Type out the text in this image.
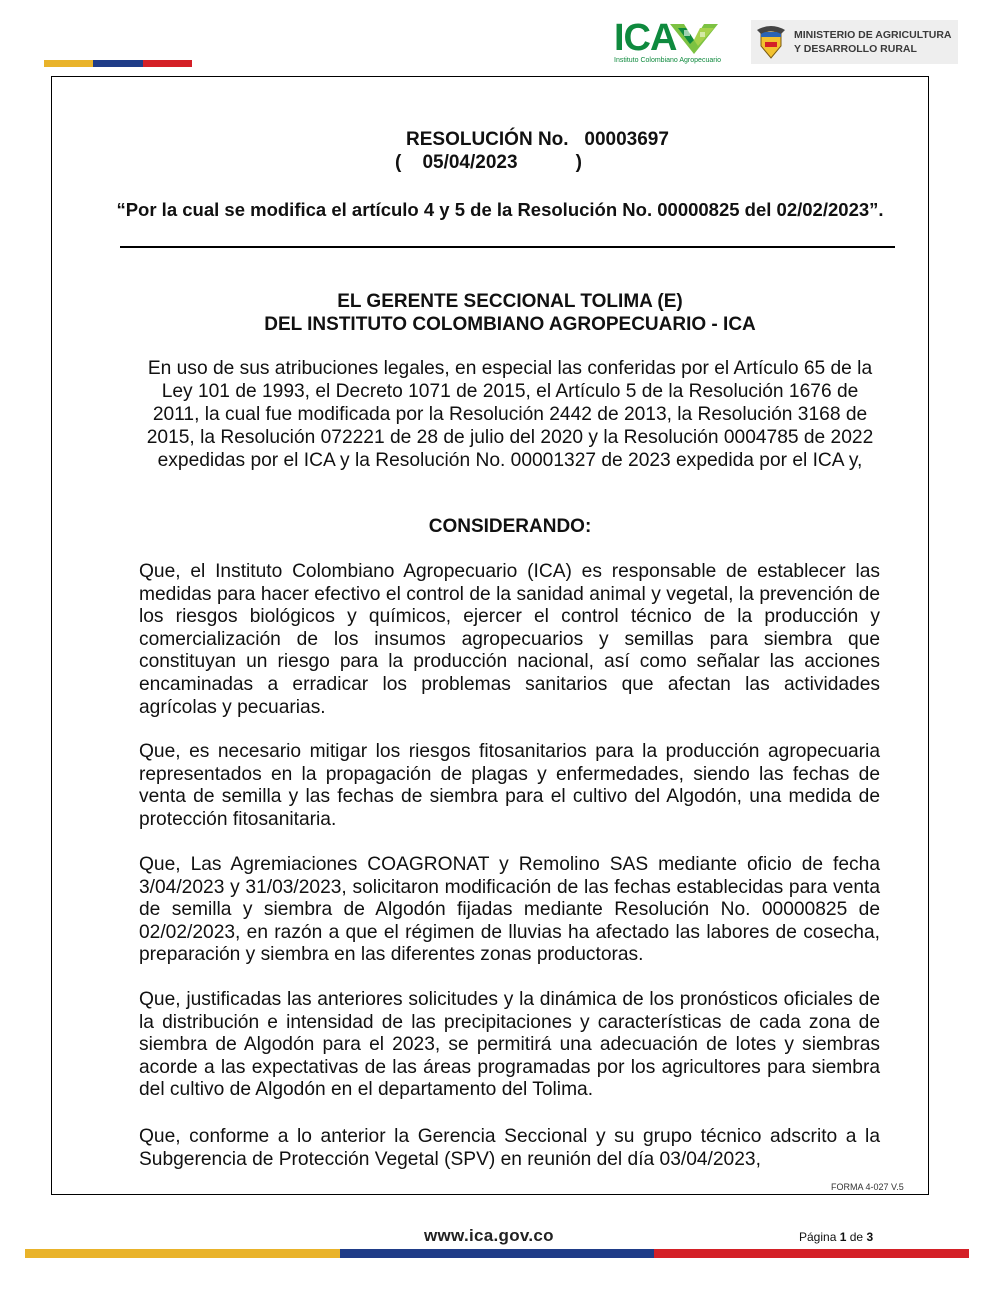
ICA
Instituto Colombiano Agropecuario
MINISTERIO DE AGRICULTURA
Y DESARROLLO RURAL
RESOLUCIÓN No.   00003697
(    05/04/2023           )
“Por la cual se modifica el artículo 4 y 5 de la Resolución No. 00000825 del 02/02/2023”.
EL GERENTE SECCIONAL TOLIMA (E)
DEL INSTITUTO COLOMBIANO AGROPECUARIO - ICA
En uso de sus atribuciones legales, en especial las conferidas por el Artículo 65 de la Ley 101 de 1993, el Decreto 1071 de 2015, el Artículo 5 de la Resolución 1676 de 2011, la cual fue modificada por la Resolución 2442 de 2013, la Resolución 3168 de 2015, la Resolución 072221 de 28 de julio del 2020 y la Resolución 0004785 de 2022 expedidas por el ICA y la Resolución No. 00001327 de 2023 expedida por el ICA y,
CONSIDERANDO:
Que, el Instituto Colombiano Agropecuario (ICA) es responsable de establecer las medidas para hacer efectivo el control de la sanidad animal y vegetal, la prevención de los riesgos biológicos y químicos, ejercer el control técnico de la producción y comercialización de los insumos agropecuarios y semillas para siembra que constituyan un riesgo para la producción nacional, así como señalar las acciones encaminadas a erradicar los problemas sanitarios que afectan las actividades agrícolas y pecuarias.
Que, es necesario mitigar los riesgos fitosanitarios para la producción agropecuaria representados en la propagación de plagas y enfermedades, siendo las fechas de venta de semilla y las fechas de siembra para el cultivo del Algodón, una medida de protección fitosanitaria.
Que, Las Agremiaciones COAGRONAT y Remolino SAS mediante oficio de fecha 3/04/2023 y 31/03/2023, solicitaron modificación de las fechas establecidas para venta de semilla y siembra de Algodón fijadas mediante Resolución No. 00000825 de 02/02/2023, en razón a que el régimen de lluvias ha afectado las labores de cosecha, preparación y siembra en las diferentes zonas productoras.
Que, justificadas las anteriores solicitudes y la dinámica de los pronósticos oficiales de la distribución e intensidad de las precipitaciones y características de cada zona de siembra de Algodón para el 2023, se permitirá una adecuación de lotes y siembras acorde a las expectativas de las áreas programadas por los agricultores para siembra del cultivo de Algodón en el departamento del Tolima.
Que, conforme a lo anterior la Gerencia Seccional y su grupo técnico adscrito a la Subgerencia de Protección Vegetal (SPV) en reunión del día 03/04/2023,
FORMA 4-027 V.5
www.ica.gov.co	Página 1 de 3
